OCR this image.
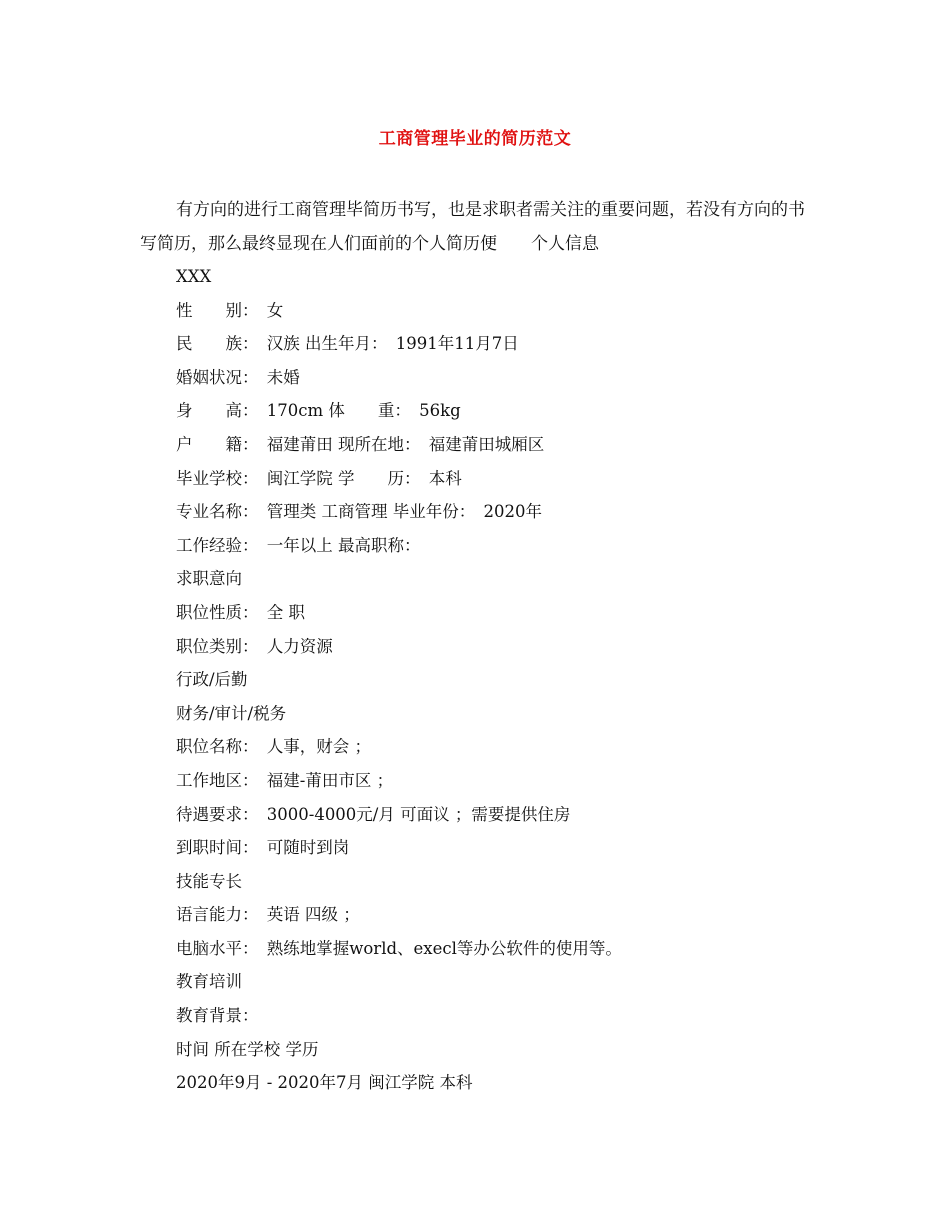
工商管理毕业的简历范文
有方向的进行工商管理毕简历书写，也是求职者需关注的重要问题，若没有方向的书写简历，那么最终显现在人们面前的个人简历便　　个人信息
XXX
性　　别：　女
民　　族：　汉族 出生年月：　1991年11月7日
婚姻状况：　未婚
身　　高：　170cm 体　　重：　56kg
户　　籍：　福建莆田 现所在地：　福建莆田城厢区
毕业学校：　闽江学院 学　　历：　本科
专业名称：　管理类 工商管理 毕业年份：　2020年
工作经验：　一年以上 最高职称：
求职意向
职位性质：　全 职
职位类别：　人力资源
行政/后勤
财务/审计/税务
职位名称：　人事，财会 ；
工作地区：　福建-莆田市区 ；
待遇要求：　3000-4000元/月 可面议 ；需要提供住房
到职时间：　可随时到岗
技能专长
语言能力：　英语 四级 ；
电脑水平：　熟练地掌握world、execl等办公软件的使用等。
教育培训
教育背景：
时间 所在学校 学历
2020年9月 - 2020年7月 闽江学院 本科
